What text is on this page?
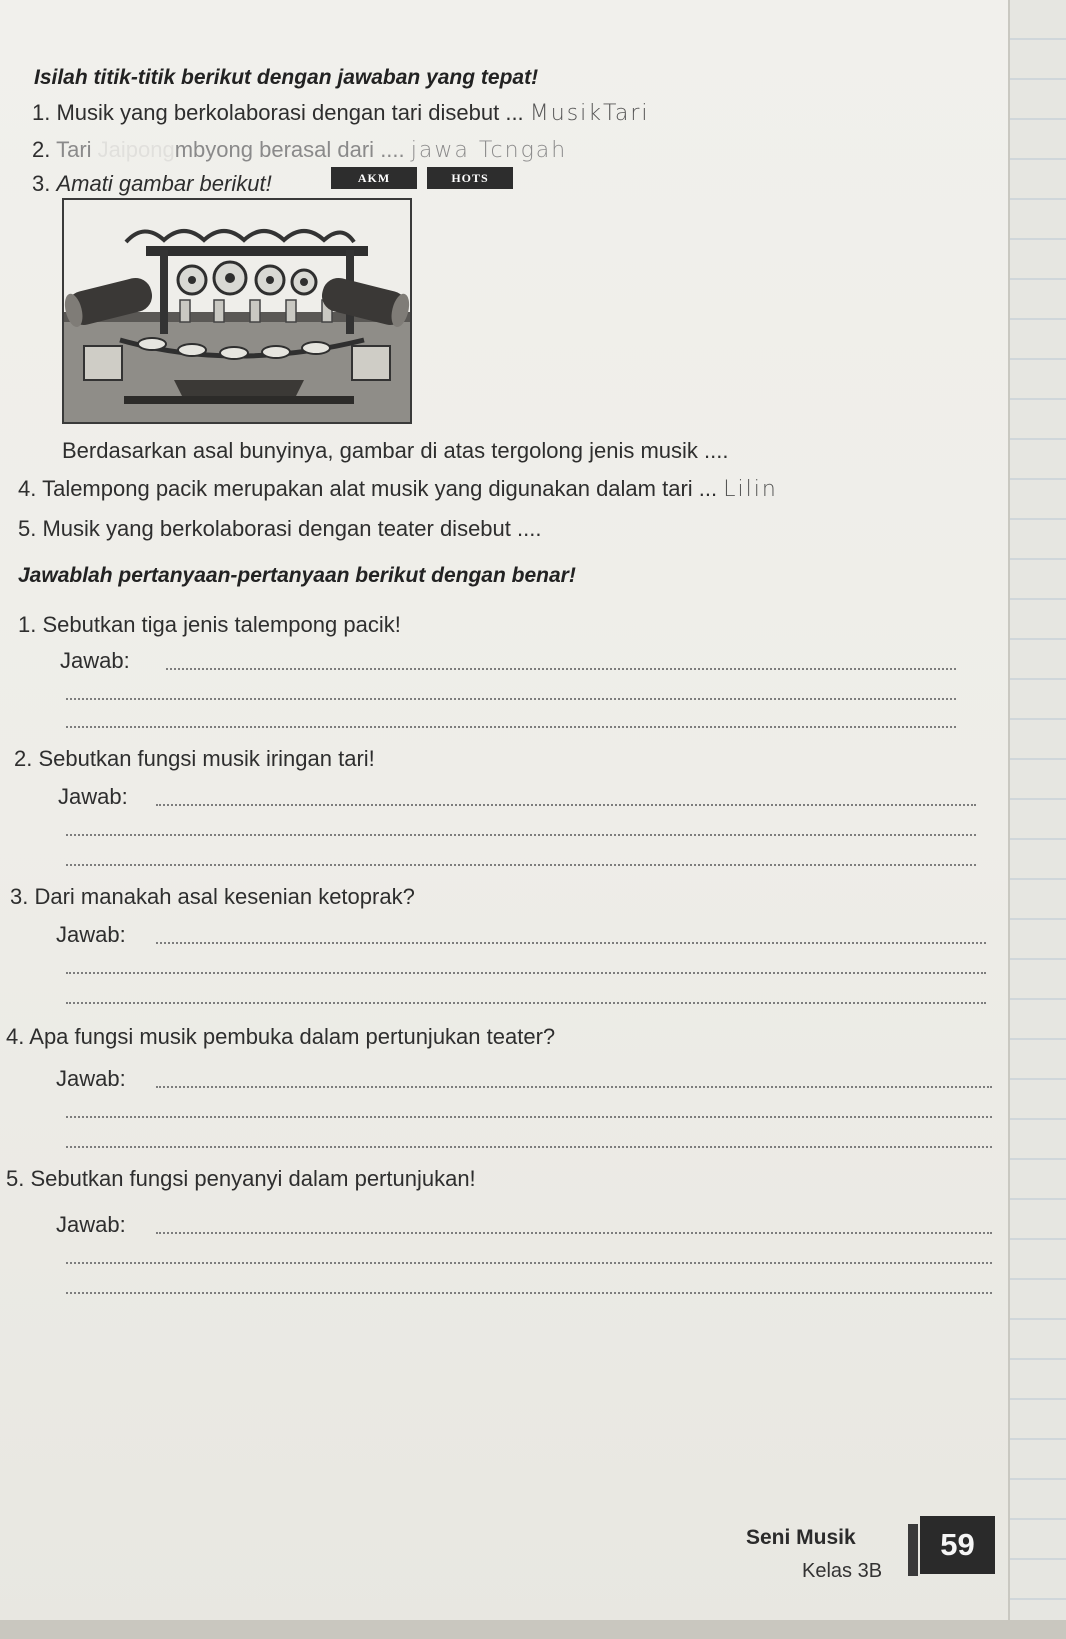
Isilah titik-titik berikut dengan jawaban yang tepat!
1. Musik yang berkolaborasi dengan tari disebut ... MusikTari
2. Tari Jaipongmbyong berasal dari .... jawa Tcngah
3. Amati gambar berikut!	AKM	HOTS
Berdasarkan asal bunyinya, gambar di atas tergolong jenis musik ....
4. Talempong pacik merupakan alat musik yang digunakan dalam tari ... Lilin
5. Musik yang berkolaborasi dengan teater disebut ....
Jawablah pertanyaan-pertanyaan berikut dengan benar!
1. Sebutkan tiga jenis talempong pacik!
Jawab:
2. Sebutkan fungsi musik iringan tari!
Jawab:
3. Dari manakah asal kesenian ketoprak?
Jawab:
4. Apa fungsi musik pembuka dalam pertunjukan teater?
Jawab:
5. Sebutkan fungsi penyanyi dalam pertunjukan!
Jawab:
Seni Musik
Kelas 3B
59
